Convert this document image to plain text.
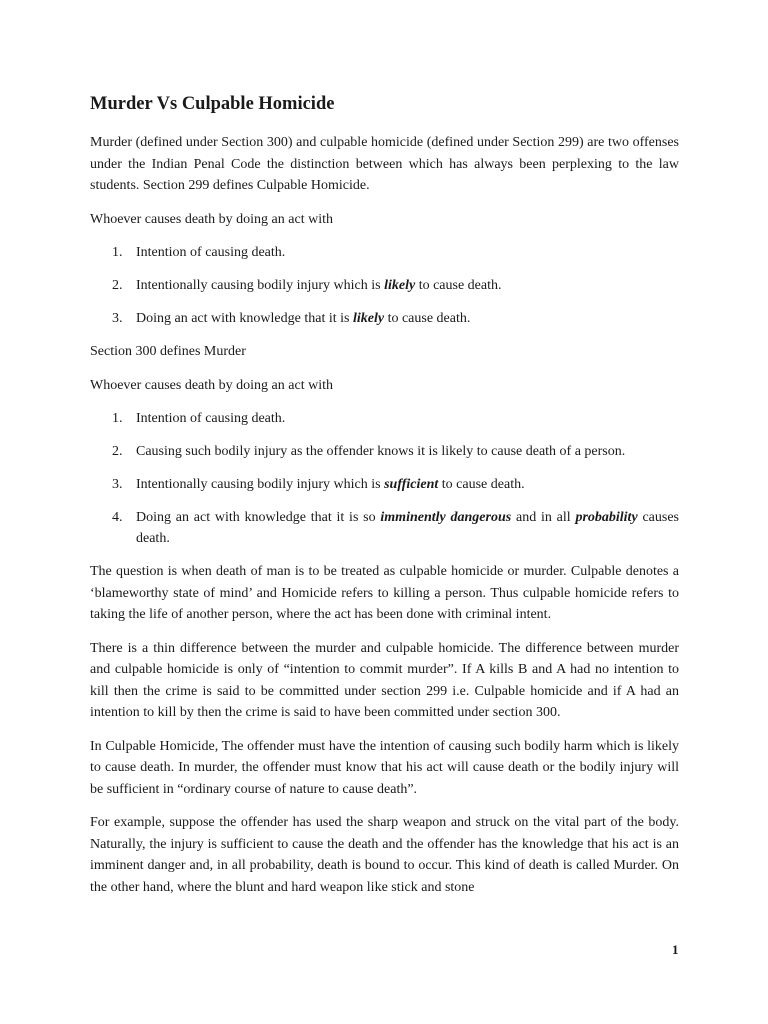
Murder Vs Culpable Homicide

Murder (defined under Section 300) and culpable homicide (defined under Section 299) are two offenses under the Indian Penal Code the distinction between which has always been perplexing to the law students. Section 299 defines Culpable Homicide.

Whoever causes death by doing an act with

1. Intention of causing death.
2. Intentionally causing bodily injury which is likely to cause death.
3. Doing an act with knowledge that it is likely to cause death.

Section 300 defines Murder

Whoever causes death by doing an act with

1. Intention of causing death.
2. Causing such bodily injury as the offender knows it is likely to cause death of a person.
3. Intentionally causing bodily injury which is sufficient to cause death.
4. Doing an act with knowledge that it is so imminently dangerous and in all probability causes death.

The question is when death of man is to be treated as culpable homicide or murder. Culpable denotes a ‘blameworthy state of mind’ and Homicide refers to killing a person. Thus culpable homicide refers to taking the life of another person, where the act has been done with criminal intent.

There is a thin difference between the murder and culpable homicide. The difference between murder and culpable homicide is only of “intention to commit murder”. If A kills B and A had no intention to kill then the crime is said to be committed under section 299 i.e. Culpable homicide and if A had an intention to kill by then the crime is said to have been committed under section 300.

In Culpable Homicide, The offender must have the intention of causing such bodily harm which is likely to cause death. In murder, the offender must know that his act will cause death or the bodily injury will be sufficient in “ordinary course of nature to cause death”.

For example, suppose the offender has used the sharp weapon and struck on the vital part of the body. Naturally, the injury is sufficient to cause the death and the offender has the knowledge that his act is an imminent danger and, in all probability, death is bound to occur. This kind of death is called Murder. On the other hand, where the blunt and hard weapon like stick and stone

1
